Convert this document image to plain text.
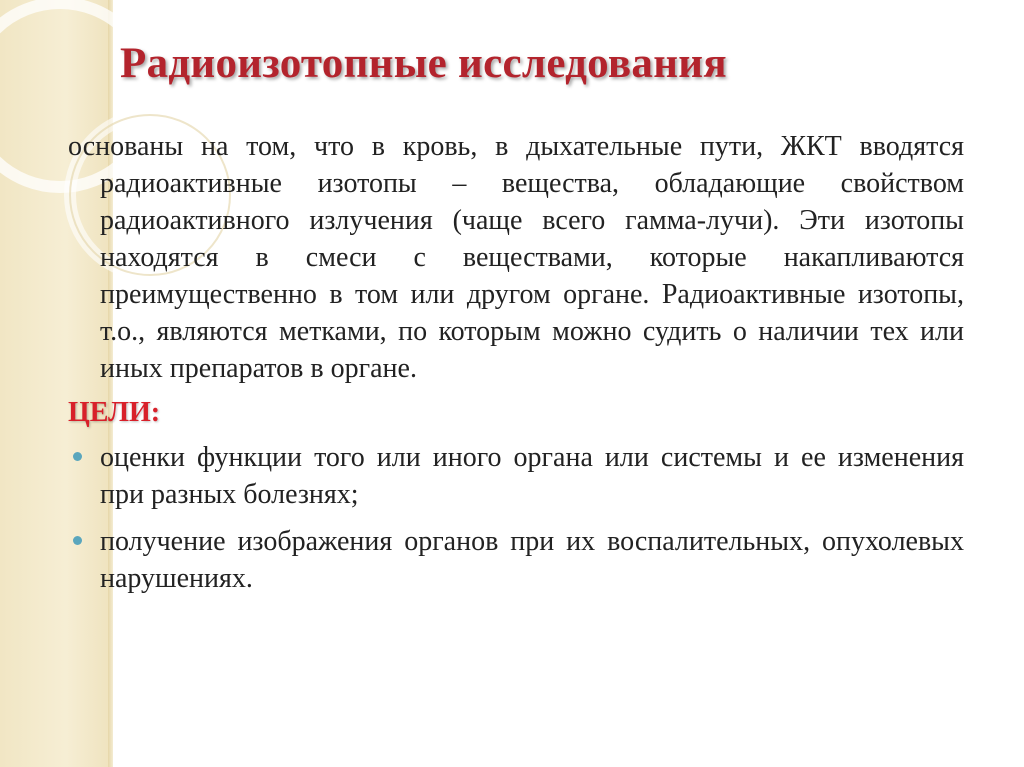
Радиоизотопные исследования

основаны на том, что в кровь, в дыхательные пути, ЖКТ вводятся радиоактивные изотопы – вещества, обладающие свойством радиоактивного излучения (чаще всего гамма-лучи). Эти изотопы находятся в смеси с веществами, которые накапливаются преимущественно в том или другом органе. Радиоактивные изотопы, т.о., являются метками, по которым можно судить о наличии тех или иных препаратов в органе.

ЦЕЛИ:
оценки функции того или иного органа или системы и ее изменения при разных болезнях;
получение изображения органов при их воспалительных, опухолевых нарушениях.
